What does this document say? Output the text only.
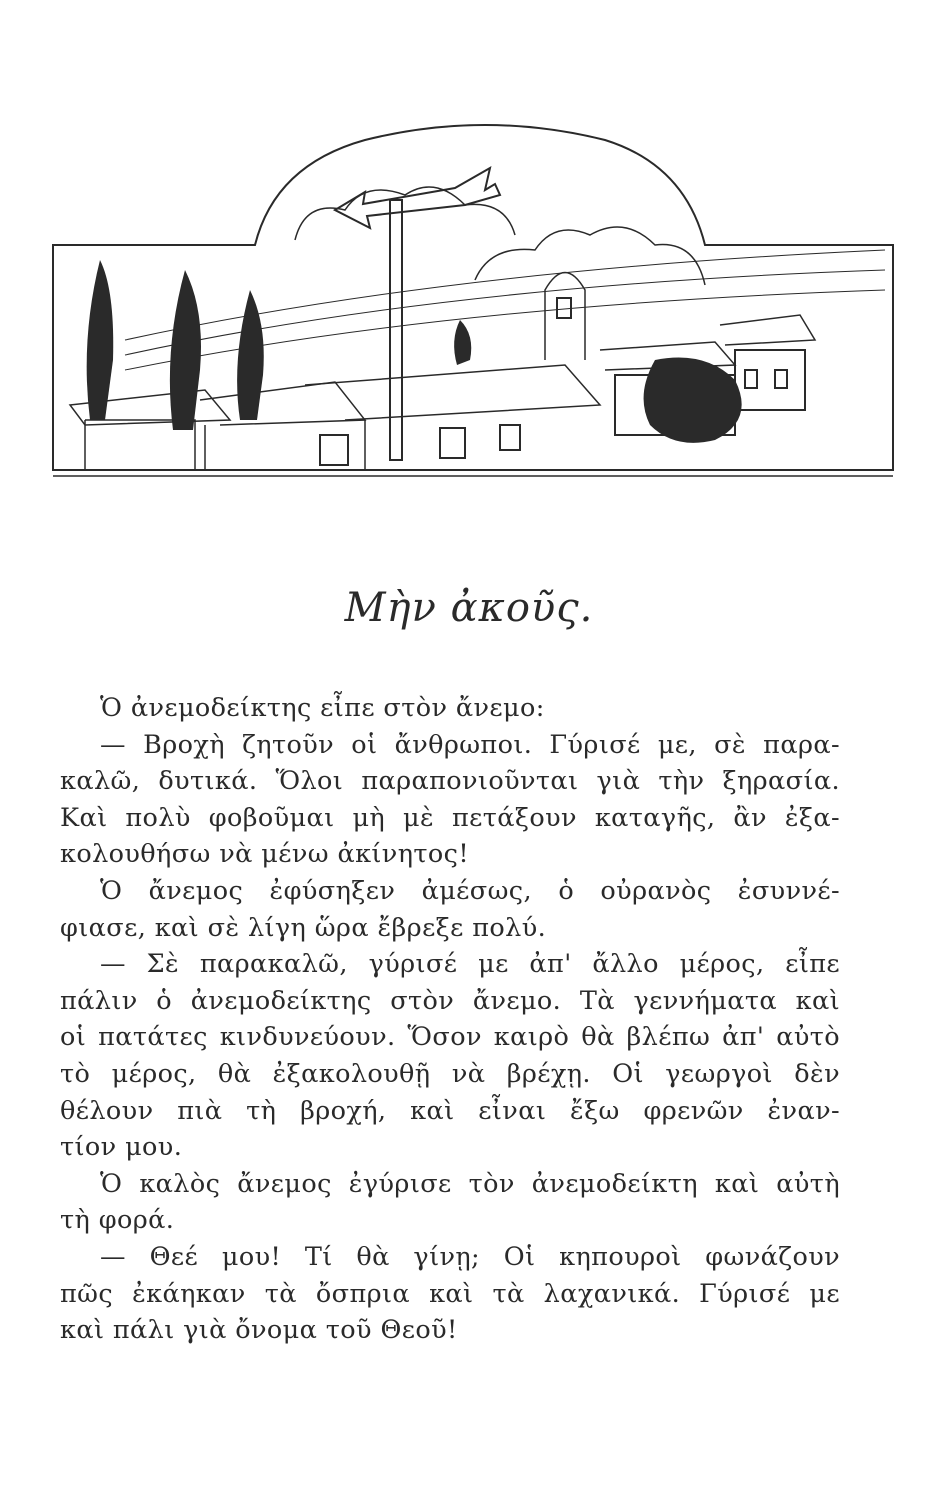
Μὴν ἀκοῦς.
Ὁ ἀνεμοδείκτης εἶπε στὸν ἄνεμο:
— Βροχὴ ζητοῦν οἱ ἄνθρωποι. Γύρισέ με, σὲ παρα-
καλῶ, δυτικά. Ὅλοι παραπονιοῦνται γιὰ τὴν ξηρασία.
Καὶ πολὺ φοβοῦμαι μὴ μὲ πετάξουν καταγῆς, ἂν ἐξα-
κολουθήσω νὰ μένω ἀκίνητος!
Ὁ ἄνεμος ἐφύσηξεν ἀμέσως, ὁ οὐρανὸς ἐσυννέ-
φιασε, καὶ σὲ λίγη ὥρα ἔβρεξε πολύ.
— Σὲ παρακαλῶ, γύρισέ με ἀπ' ἄλλο μέρος, εἶπε
πάλιν ὁ ἀνεμοδείκτης στὸν ἄνεμο. Τὰ γεννήματα καὶ
οἱ πατάτες κινδυνεύουν. Ὅσον καιρὸ θὰ βλέπω ἀπ' αὐτὸ
τὸ μέρος, θὰ ἐξακολουθῇ νὰ βρέχῃ. Οἱ γεωργοὶ δὲν
θέλουν πιὰ τὴ βροχή, καὶ εἶναι ἔξω φρενῶν ἐναν-
τίον μου.
Ὁ καλὸς ἄνεμος ἐγύρισε τὸν ἀνεμοδείκτη καὶ αὐτὴ
τὴ φορά.
— Θεέ μου! Τί θὰ γίνῃ; Οἱ κηπουροὶ φωνάζουν
πῶς ἐκάηκαν τὰ ὄσπρια καὶ τὰ λαχανικά. Γύρισέ με
καὶ πάλι γιὰ ὄνομα τοῦ Θεοῦ!
